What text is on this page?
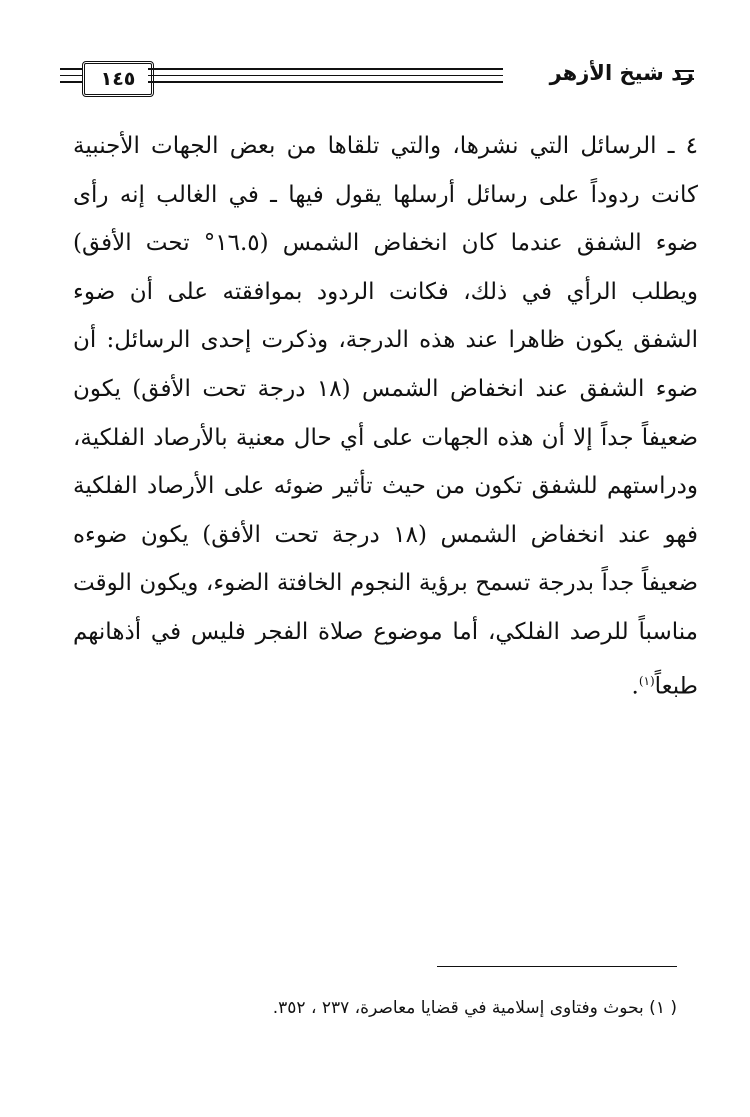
١٤٥	رد شيخ الأزهر

٤ ـ الرسائل التي نشرها، والتي تلقاها من بعض الجهات الأجنبية كانت ردوداً على رسائل أرسلها يقول فيها ـ في الغالب إنه رأى ضوء الشفق عندما كان انخفاض الشمس (١٦.٥° تحت الأفق) ويطلب الرأي في ذلك، فكانت الردود بموافقته على أن ضوء الشفق يكون ظاهرا عند هذه الدرجة، وذكرت إحدى الرسائل: أن ضوء الشفق عند انخفاض الشمس (١٨ درجة تحت الأفق) يكون ضعيفاً جداً إلا أن هذه الجهات على أي حال معنية بالأرصاد الفلكية، ودراستهم للشفق تكون من حيث تأثير ضوئه على الأرصاد الفلكية فهو عند انخفاض الشمس (١٨ درجة تحت الأفق) يكون ضوءه ضعيفاً جداً بدرجة تسمح برؤية النجوم الخافتة الضوء، ويكون الوقت مناسباً للرصد الفلكي، أما موضوع صلاة الفجر فليس في أذهانهم طبعاً$^{(١)}$.

( ١) بحوث وفتاوى إسلامية في قضايا معاصرة، ٢٣٧ ، ٣٥٢.
